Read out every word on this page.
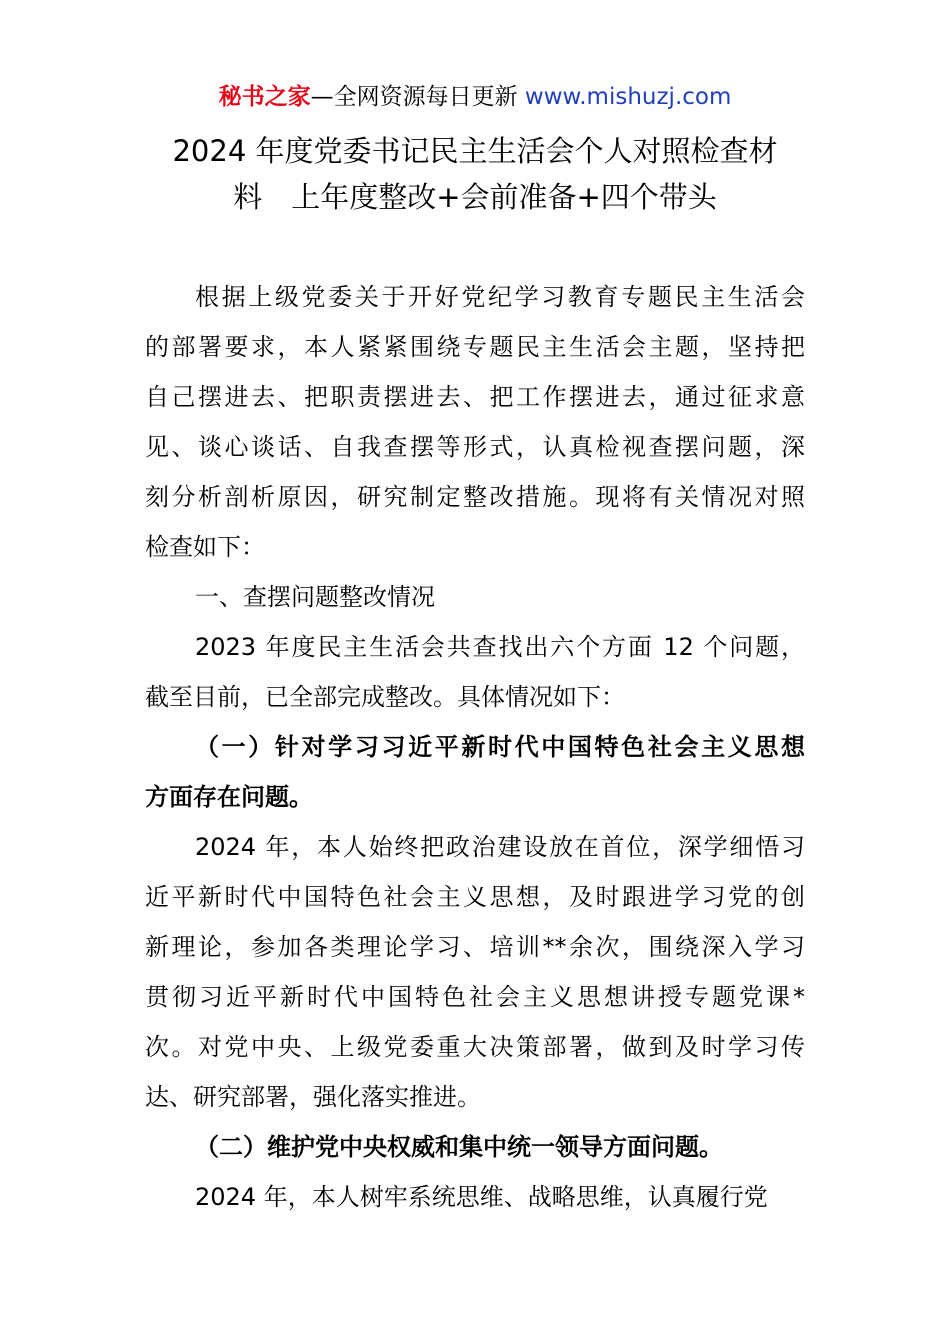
秘书之家—全网资源每日更新 www.mishuzj.com
2024 年度党委书记民主生活会个人对照检查材
料　上年度整改+会前准备+四个带头

根据上级党委关于开好党纪学习教育专题民主生活会的部署要求，本人紧紧围绕专题民主生活会主题，坚持把自己摆进去、把职责摆进去、把工作摆进去，通过征求意见、谈心谈话、自我查摆等形式，认真检视查摆问题，深刻分析剖析原因，研究制定整改措施。现将有关情况对照检查如下：

一、查摆问题整改情况

2023 年度民主生活会共查找出六个方面 12 个问题，截至目前，已全部完成整改。具体情况如下：

（一）针对学习习近平新时代中国特色社会主义思想方面存在问题。

2024 年，本人始终把政治建设放在首位，深学细悟习近平新时代中国特色社会主义思想，及时跟进学习党的创新理论，参加各类理论学习、培训**余次，围绕深入学习贯彻习近平新时代中国特色社会主义思想讲授专题党课*次。对党中央、上级党委重大决策部署，做到及时学习传达、研究部署，强化落实推进。

（二）维护党中央权威和集中统一领导方面问题。

2024 年，本人树牢系统思维、战略思维，认真履行党
